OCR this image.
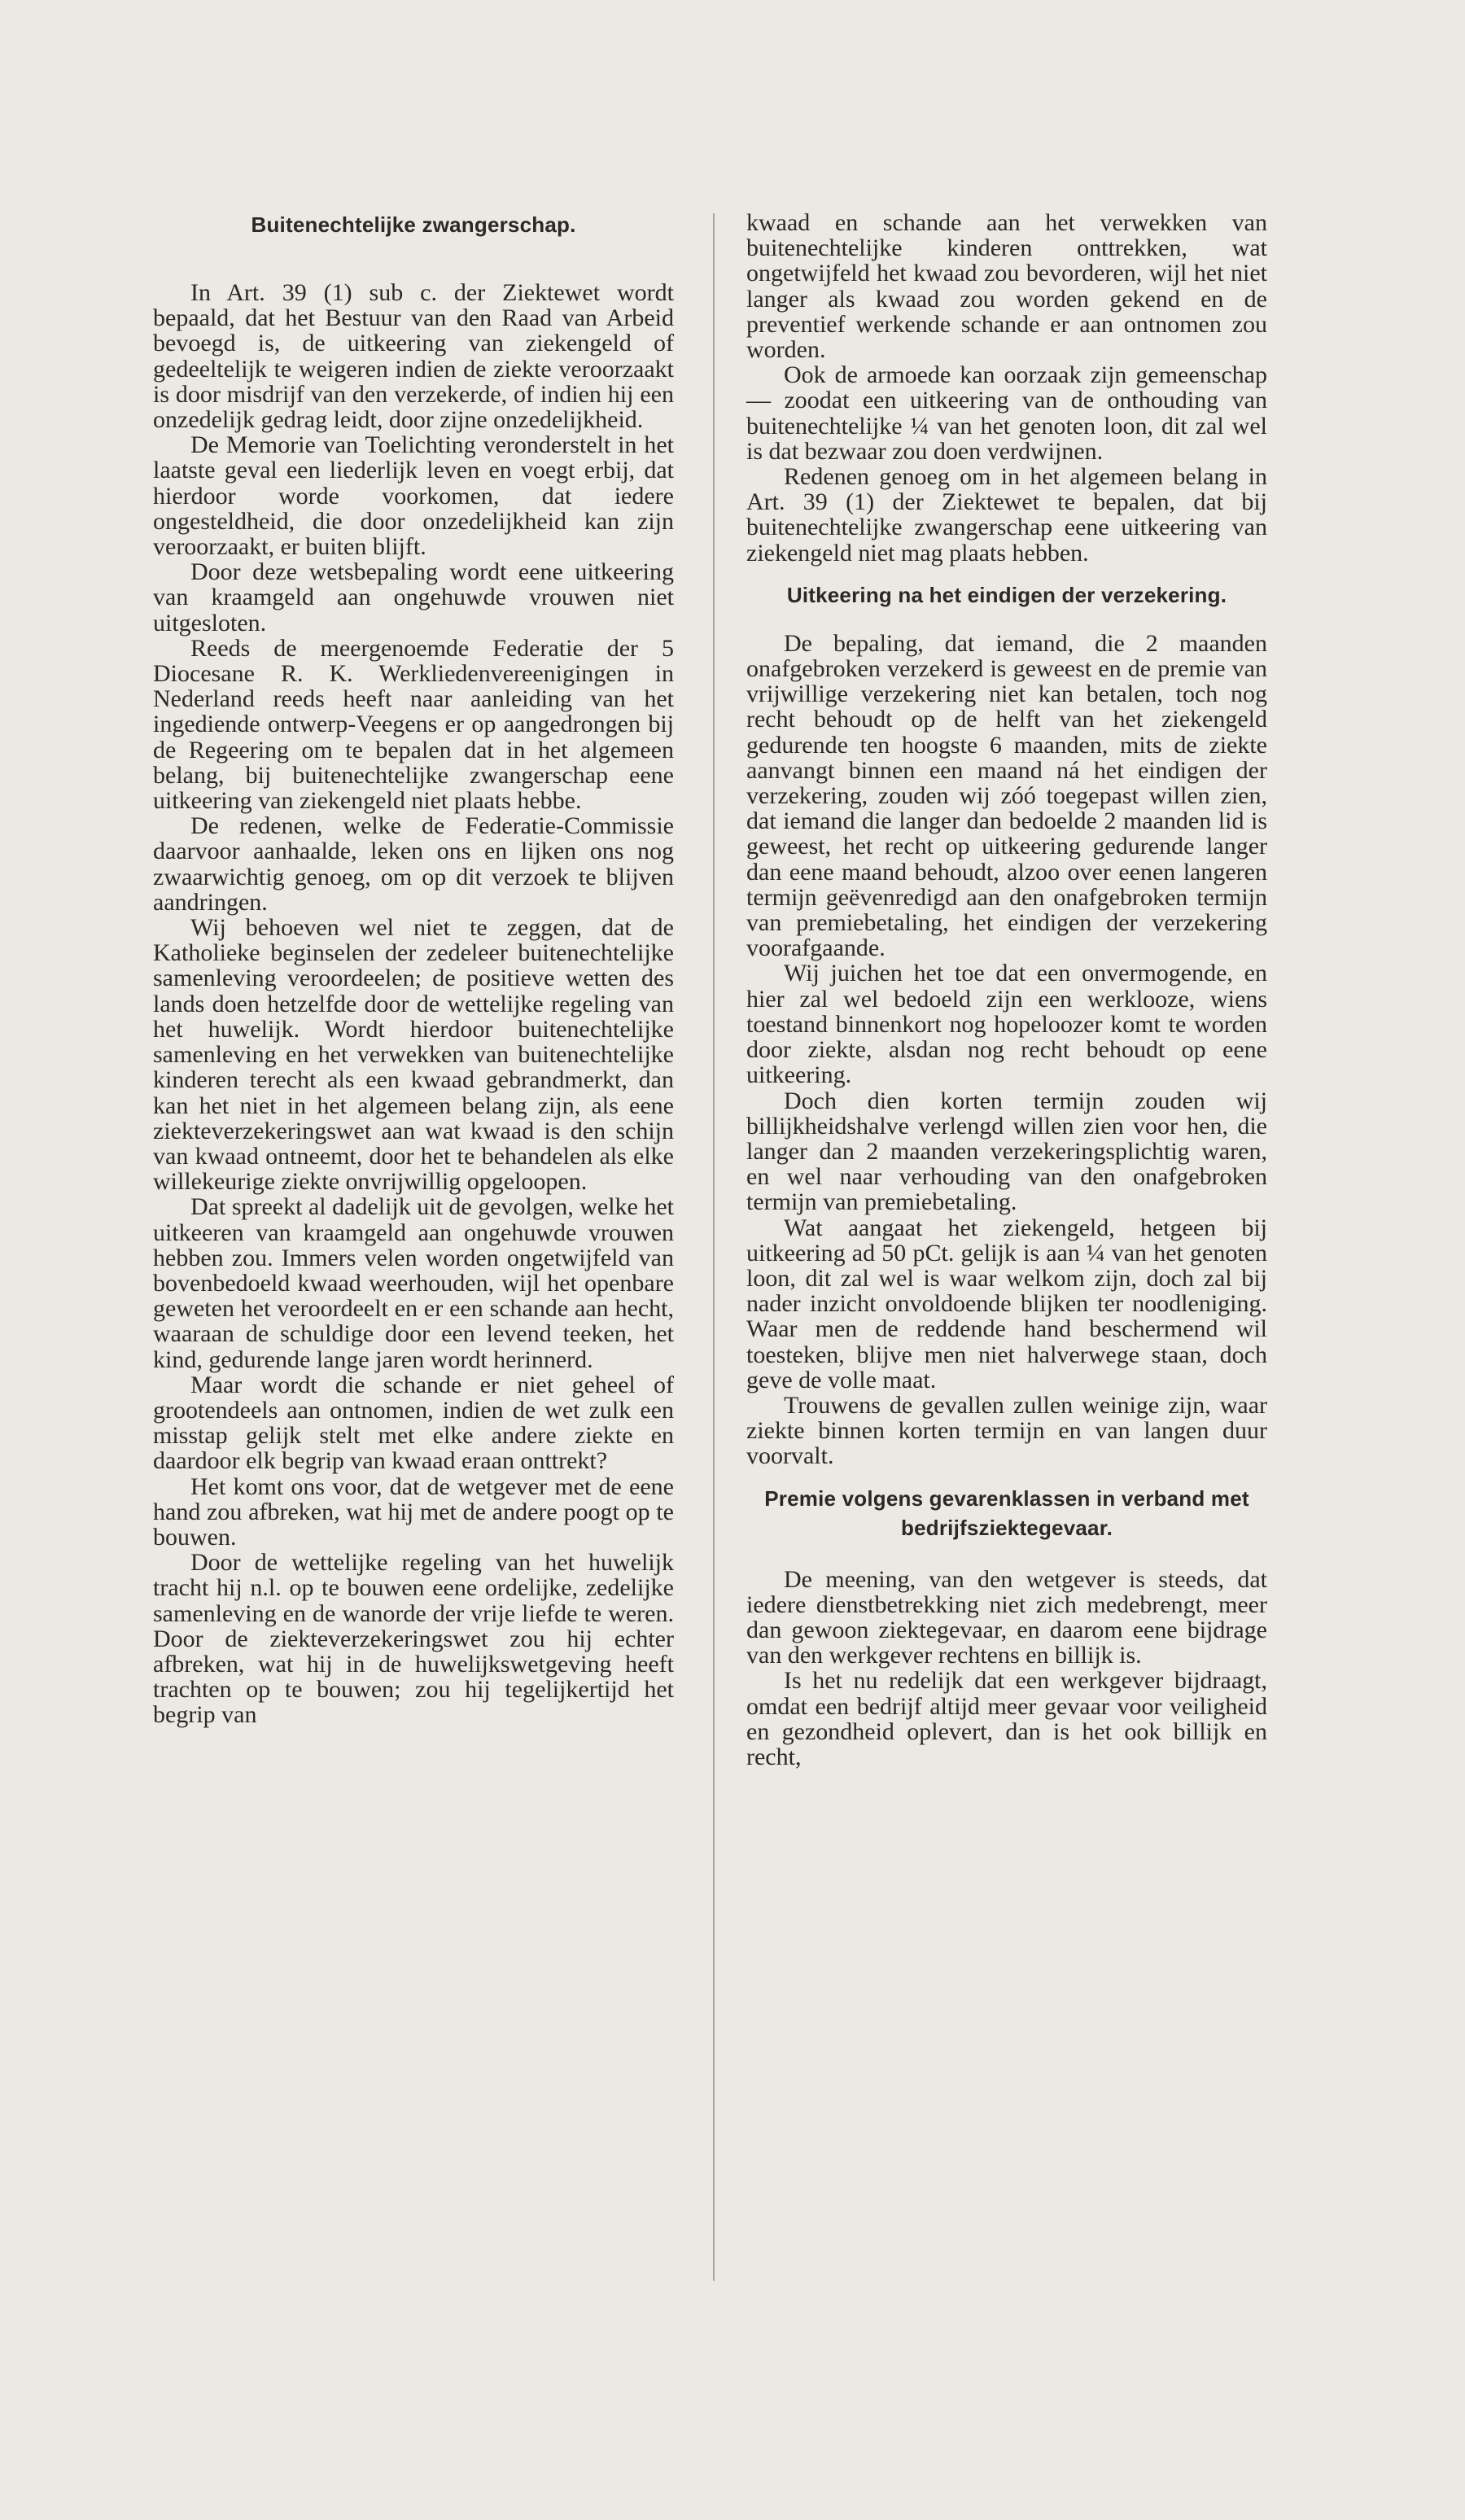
Buitenechtelijke zwangerschap.

In Art. 39 (1) sub c. der Ziektewet wordt bepaald, dat het Bestuur van den Raad van Arbeid bevoegd is, de uitkeering van ziekengeld of gedeeltelijk te weigeren indien de ziekte veroorzaakt is door misdrijf van den verzekerde, of indien hij een onzedelijk gedrag leidt, door zijne onzedelijkheid.

De Memorie van Toelichting veronderstelt in het laatste geval een liederlijk leven en voegt erbij, dat hierdoor worde voorkomen, dat iedere ongesteldheid, die door onzedelijkheid kan zijn veroorzaakt, er buiten blijft.

Door deze wetsbepaling wordt eene uitkeering van kraamgeld aan ongehuwde vrouwen niet uitgesloten.

Reeds de meergenoemde Federatie der 5 Diocesane R. K. Werkliedenvereenigingen in Nederland reeds heeft naar aanleiding van het ingediende ontwerp-Veegens er op aangedrongen bij de Regeering om te bepalen dat in het algemeen belang, bij buitenechtelijke zwangerschap eene uitkeering van ziekengeld niet plaats hebbe.

De redenen, welke de Federatie-Commissie daarvoor aanhaalde, leken ons en lijken ons nog zwaarwichtig genoeg, om op dit verzoek te blijven aandringen.

Wij behoeven wel niet te zeggen, dat de Katholieke beginselen der zedeleer buitenechtelijke samenleving veroordeelen; de positieve wetten des lands doen hetzelfde door de wettelijke regeling van het huwelijk. Wordt hierdoor buitenechtelijke samenleving en het verwekken van buitenechtelijke kinderen terecht als een kwaad gebrandmerkt, dan kan het niet in het algemeen belang zijn, als eene ziekteverzekeringswet aan wat kwaad is den schijn van kwaad ontneemt, door het te behandelen als elke willekeurige ziekte onvrijwillig opgeloopen.

Dat spreekt al dadelijk uit de gevolgen, welke het uitkeeren van kraamgeld aan ongehuwde vrouwen hebben zou. Immers velen worden ongetwijfeld van bovenbedoeld kwaad weerhouden, wijl het openbare geweten het veroordeelt en er een schande aan hecht, waaraan de schuldige door een levend teeken, het kind, gedurende lange jaren wordt herinnerd.

Maar wordt die schande er niet geheel of grootendeels aan ontnomen, indien de wet zulk een misstap gelijk stelt met elke andere ziekte en daardoor elk begrip van kwaad eraan onttrekt?

Het komt ons voor, dat de wetgever met de eene hand zou afbreken, wat hij met de andere poogt op te bouwen.

Door de wettelijke regeling van het huwelijk tracht hij n.l. op te bouwen eene ordelijke, zedelijke samenleving en de wanorde der vrije liefde te weren. Door de ziekteverzekeringswet zou hij echter afbreken, wat hij in de huwelijkswetgeving heeft trachten op te bouwen; zou hij tegelijkertijd het begrip van

kwaad en schande aan het verwekken van buitenechtelijke kinderen onttrekken, wat ongetwijfeld het kwaad zou bevorderen, wijl het niet langer als kwaad zou worden gekend en de preventief werkende schande er aan ontnomen zou worden.

Ook de armoede kan oorzaak zijn gemeenschap — zoodat een uitkeering van de onthouding van buitenechtelijke ¼ van het genoten loon, dit zal wel is dat bezwaar zou doen verdwijnen.

Redenen genoeg om in het algemeen belang in Art. 39 (1) der Ziektewet te bepalen, dat bij buitenechtelijke zwangerschap eene uitkeering van ziekengeld niet mag plaats hebben.

Uitkeering na het eindigen der verzekering.

De bepaling, dat iemand, die 2 maanden onafgebroken verzekerd is geweest en de premie van vrijwillige verzekering niet kan betalen, toch nog recht behoudt op de helft van het ziekengeld gedurende ten hoogste 6 maanden, mits de ziekte aanvangt binnen een maand ná het eindigen der verzekering, zouden wij zóó toegepast willen zien, dat iemand die langer dan bedoelde 2 maanden lid is geweest, het recht op uitkeering gedurende langer dan eene maand behoudt, alzoo over eenen langeren termijn geëvenredigd aan den onafgebroken termijn van premiebetaling, het eindigen der verzekering voorafgaande.

Wij juichen het toe dat een onvermogende, en hier zal wel bedoeld zijn een werklooze, wiens toestand binnenkort nog hopeloozer komt te worden door ziekte, alsdan nog recht behoudt op eene uitkeering.

Doch dien korten termijn zouden wij billijkheidshalve verlengd willen zien voor hen, die langer dan 2 maanden verzekeringsplichtig waren, en wel naar verhouding van den onafgebroken termijn van premiebetaling.

Wat aangaat het ziekengeld, hetgeen bij uitkeering ad 50 pCt. gelijk is aan ¼ van het genoten loon, dit zal wel is waar welkom zijn, doch zal bij nader inzicht onvoldoende blijken ter noodleniging. Waar men de reddende hand beschermend wil toesteken, blijve men niet halverwege staan, doch geve de volle maat.

Trouwens de gevallen zullen weinige zijn, waar ziekte binnen korten termijn en van langen duur voorvalt.

Premie volgens gevarenklassen in verband met bedrijfsziektegevaar.

De meening, van den wetgever is steeds, dat iedere dienstbetrekking niet zich medebrengt, meer dan gewoon ziektegevaar, en daarom eene bijdrage van den werkgever rechtens en billijk is.

Is het nu redelijk dat een werkgever bijdraagt, omdat een bedrijf altijd meer gevaar voor veiligheid en gezondheid oplevert, dan is het ook billijk en recht,
